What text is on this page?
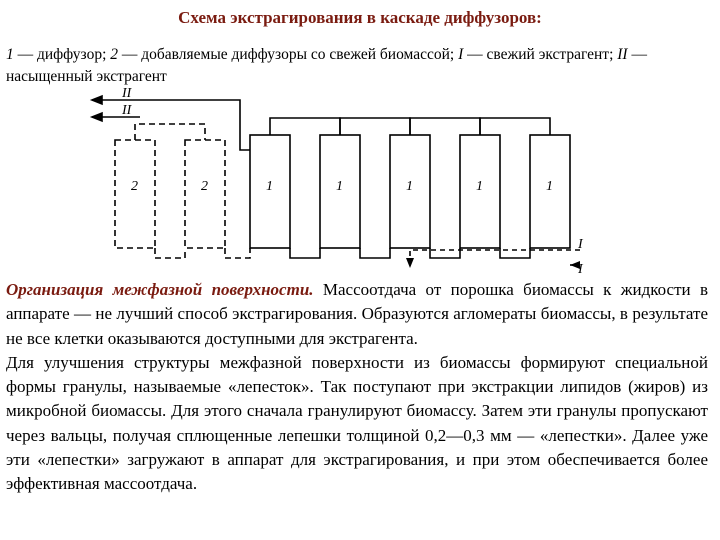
Схема экстрагирования в каскаде диффузоров:
1 — диффузор; 2 — добавляемые диффузоры со свежей биомассой; I — свежий экстрагент; II — насыщенный экстрагент
2	2	1	1	1	1	1
II
II
I
I

Организация межфазной поверхности. Массоотдача от порошка биомассы к жидкости в аппарате — не лучший способ экстрагирования. Образуются агломераты биомассы, в результате не все клетки оказываются доступными для экстрагента.

Для улучшения структуры межфазной поверхности из биомассы формируют специальной формы гранулы, называемые «лепесток». Так поступают при экстракции липидов (жиров) из микробной биомассы. Для этого сначала гранулируют биомассу. Затем эти гранулы пропускают через вальцы, получая сплющенные лепешки толщиной 0,2—0,3 мм — «лепестки». Далее уже эти «лепестки» загружают в аппарат для экстрагирования, и при этом обеспечивается более эффективная массоотдача.
